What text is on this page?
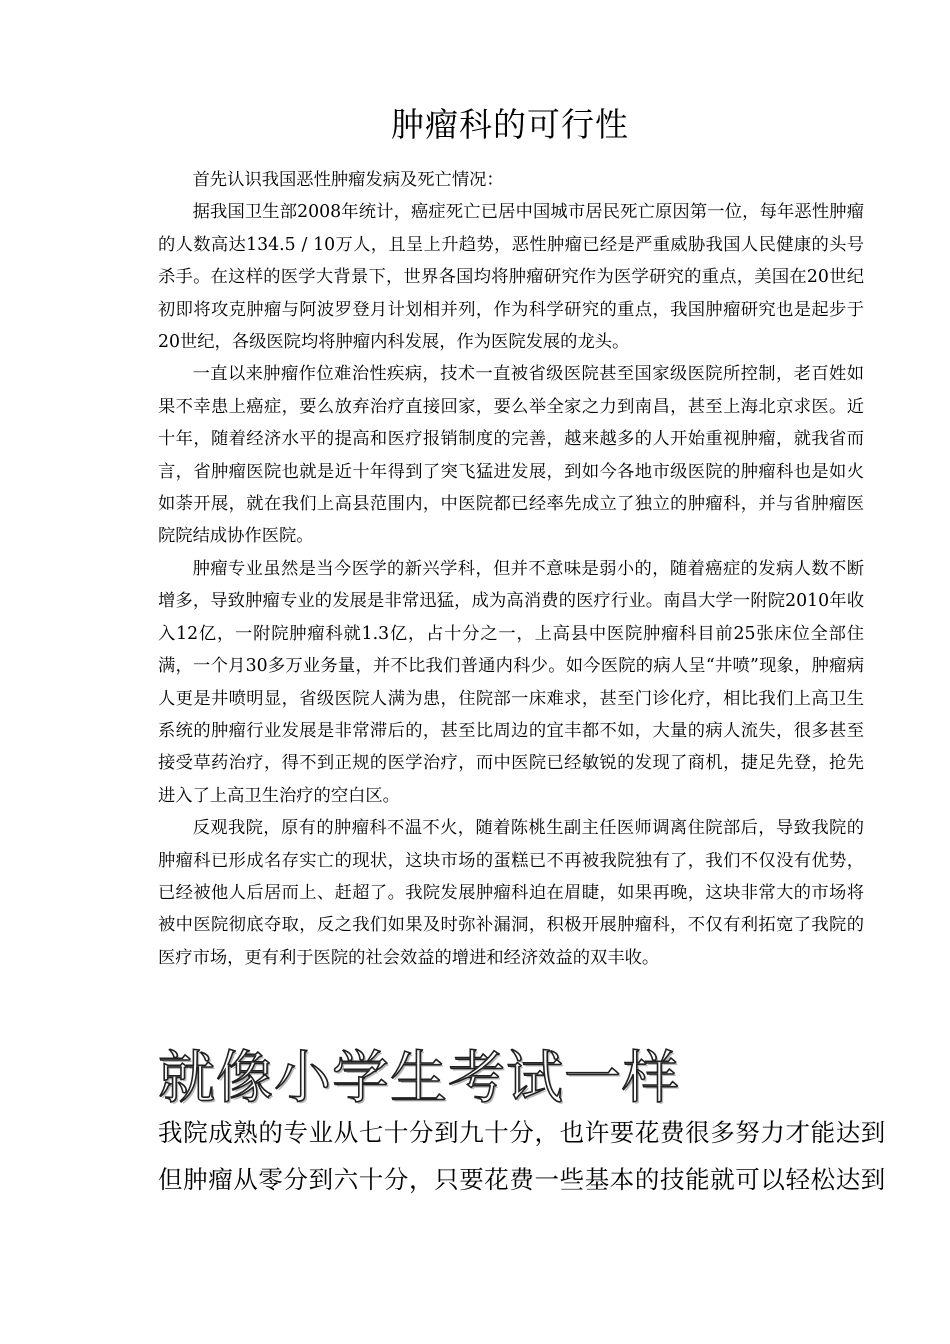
肿瘤科的可行性

首先认识我国恶性肿瘤发病及死亡情况：

据我国卫生部2008年统计，癌症死亡已居中国城市居民死亡原因第一位，每年恶性肿瘤的人数高达134.5 / 10万人，且呈上升趋势，恶性肿瘤已经是严重威胁我国人民健康的头号杀手。在这样的医学大背景下，世界各国均将肿瘤研究作为医学研究的重点，美国在20世纪初即将攻克肿瘤与阿波罗登月计划相并列，作为科学研究的重点，我国肿瘤研究也是起步于20世纪，各级医院均将肿瘤内科发展，作为医院发展的龙头。

一直以来肿瘤作位难治性疾病，技术一直被省级医院甚至国家级医院所控制，老百姓如果不幸患上癌症，要么放弃治疗直接回家，要么举全家之力到南昌，甚至上海北京求医。近十年，随着经济水平的提高和医疗报销制度的完善，越来越多的人开始重视肿瘤，就我省而言，省肿瘤医院也就是近十年得到了突飞猛进发展，到如今各地市级医院的肿瘤科也是如火如荼开展，就在我们上高县范围内，中医院都已经率先成立了独立的肿瘤科，并与省肿瘤医院院结成协作医院。

肿瘤专业虽然是当今医学的新兴学科，但并不意味是弱小的，随着癌症的发病人数不断增多，导致肿瘤专业的发展是非常迅猛，成为高消费的医疗行业。南昌大学一附院2010年收入12亿，一附院肿瘤科就1.3亿，占十分之一，上高县中医院肿瘤科目前25张床位全部住满，一个月30多万业务量，并不比我们普通内科少。如今医院的病人呈“井喷”现象，肿瘤病人更是井喷明显，省级医院人满为患，住院部一床难求，甚至门诊化疗，相比我们上高卫生系统的肿瘤行业发展是非常滞后的，甚至比周边的宜丰都不如，大量的病人流失，很多甚至接受草药治疗，得不到正规的医学治疗，而中医院已经敏锐的发现了商机，捷足先登，抢先进入了上高卫生治疗的空白区。

反观我院，原有的肿瘤科不温不火，随着陈桃生副主任医师调离住院部后，导致我院的肿瘤科已形成名存实亡的现状，这块市场的蛋糕已不再被我院独有了，我们不仅没有优势，已经被他人后居而上、赶超了。我院发展肿瘤科迫在眉睫，如果再晚，这块非常大的市场将被中医院彻底夺取，反之我们如果及时弥补漏洞，积极开展肿瘤科，不仅有利拓宽了我院的医疗市场，更有利于医院的社会效益的增进和经济效益的双丰收。

就像小学生考试一样
我院成熟的专业从七十分到九十分，也许要花费很多努力才能达到
但肿瘤从零分到六十分，只要花费一些基本的技能就可以轻松达到
